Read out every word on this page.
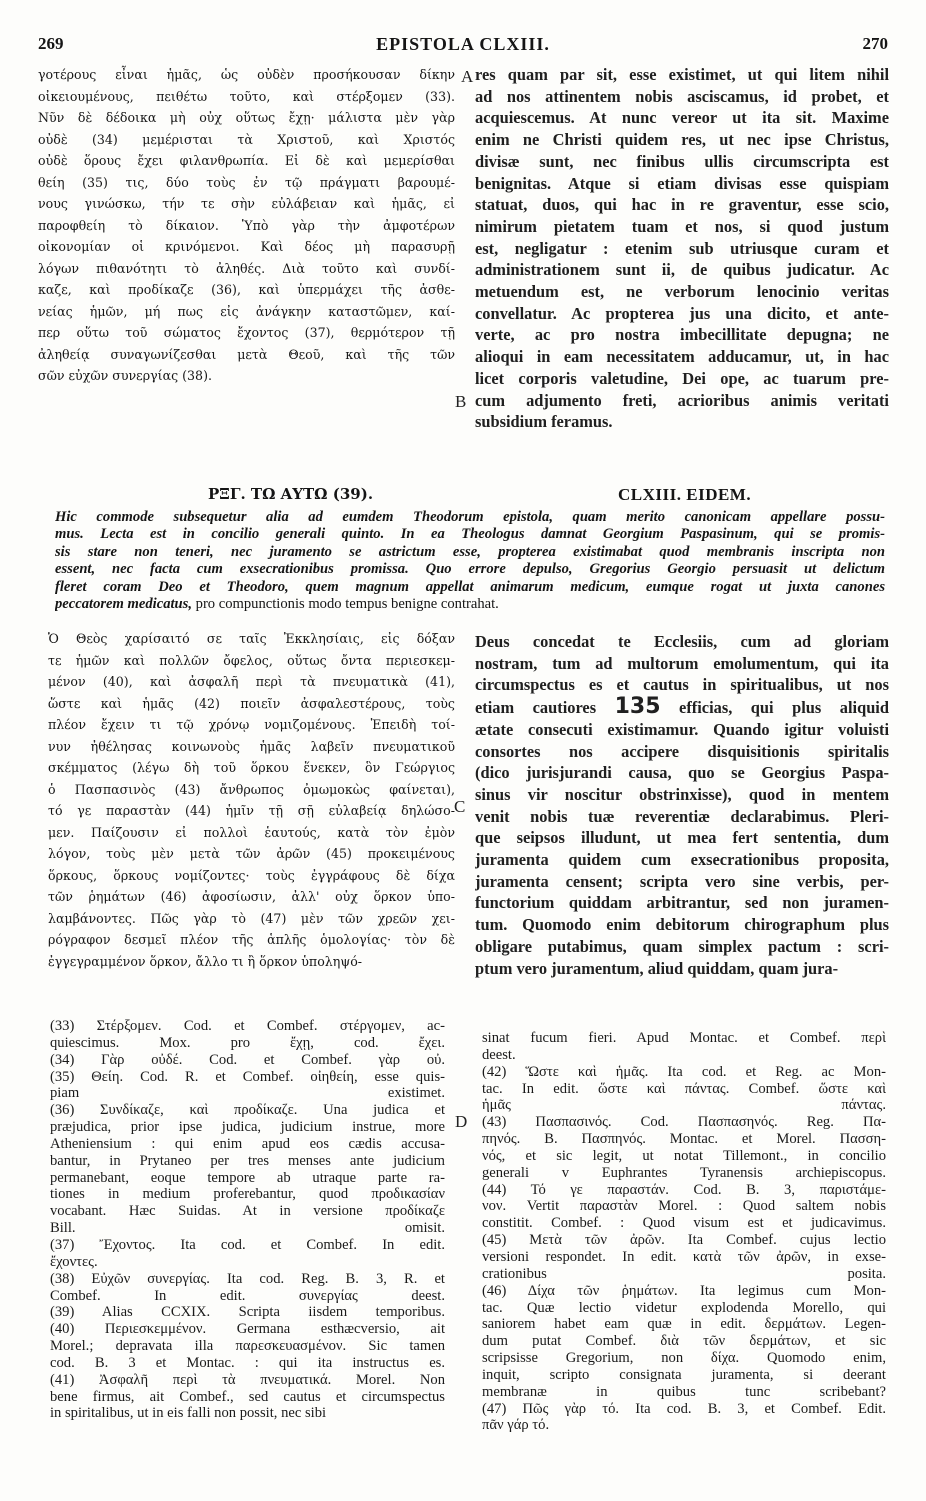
269	EPISTOLA CLXIII.	270
γοτέρους εἶναι ἡμᾶς, ὡς οὐδὲν προσήκουσαν δίκην
οἰκειουμένους, πειθέτω τοῦτο, καὶ στέρξομεν (33).
Νῦν δὲ δέδοικα μὴ οὐχ οὕτως ἔχῃ· μάλιστα μὲν γὰρ
οὐδὲ (34) μεμέρισται τὰ Χριστοῦ, καὶ Χριστός
οὐδὲ ὅρους ἔχει φιλανθρωπία. Εἰ δὲ καὶ μεμερίσθαι
θείη (35) τις, δύο τοὺς ἐν τῷ πράγματι βαρουμέ-
νους γινώσκω, τήν τε σὴν εὐλάβειαν καὶ ἡμᾶς, εἰ
παροφθείη τὸ δίκαιον. Ὑπὸ γὰρ τὴν ἀμφοτέρων
οἰκονομίαν οἱ κρινόμενοι. Καὶ δέος μὴ παρασυρῇ
λόγων πιθανότητι τὸ ἀληθές. Διὰ τοῦτο καὶ συνδί-
καζε, καὶ προδίκαζε (36), καὶ ὑπερμάχει τῆς ἀσθε-
νείας ἡμῶν, μή πως εἰς ἀνάγκην καταστῶμεν, καί-
περ οὕτω τοῦ σώματος ἔχοντος (37), θερμότερον τῇ
ἀληθείᾳ συναγωνίζεσθαι μετὰ Θεοῦ, καὶ τῆς τῶν
σῶν εὐχῶν συνεργίας (38).
A res quam par sit, esse existimet, ut qui litem nihil
ad nos attinentem nobis asciscamus, id probet, et
acquiescemus. At nunc vereor ut ita sit. Maxime
enim ne Christi quidem res, ut nec ipse Christus,
divisæ sunt, nec finibus ullis circumscripta est
benignitas. Atque si etiam divisas esse quispiam
statuat, duos, qui hac in re graventur, esse scio,
nimirum pietatem tuam et nos, si quod justum
est, negligatur : etenim sub utriusque curam et
administrationem sunt ii, de quibus judicatur. Ac
metuendum est, ne verborum lenocinio veritas
convellatur. Ac propterea jus una dicito, et ante-
verte, ac pro nostra imbecillitate depugna; ne
alioqui in eam necessitatem adducamur, ut, in hac
licet corporis valetudine, Dei ope, ac tuarum pre-
cum adjumento freti, acrioribus animis veritati
subsidium feramus.
B
ΡΞΓ. ΤΩ ΑΥΤΩ (39).	CLXIII. EIDEM.
Hic commode subsequetur alia ad eumdem Theodorum epistola, quam merito canonicam appellare possu-
mus. Lecta est in concilio generali quinto. In ea Theologus damnat Georgium Paspasinum, qui se promis-
sis stare non teneri, nec juramento se astrictum esse, propterea existimabat quod membranis inscripta non
essent, nec facta cum exsecrationibus promissa. Quo errore depulso, Gregorius Georgio persuasit ut delictum
fleret coram Deo et Theodoro, quem magnum appellat animarum medicum, eumque rogat ut juxta canones
peccatorem medicatus, pro compunctionis modo tempus benigne contrahat.
Ὁ Θεὸς χαρίσαιτό σε ταῖς Ἐκκλησίαις, εἰς δόξαν
τε ἡμῶν καὶ πολλῶν ὄφελος, οὕτως ὄντα περιεσκεμ-
μένον (40), καὶ ἀσφαλῆ περὶ τὰ πνευματικὰ (41),
ὥστε καὶ ἡμᾶς (42) ποιεῖν ἀσφαλεστέρους, τοὺς
πλέον ἔχειν τι τῷ χρόνῳ νομιζομένους. Ἐπειδὴ τοί-
νυν ἠθέλησας κοινωνοὺς ἡμᾶς λαβεῖν πνευματικοῦ
σκέμματος (λέγω δὴ τοῦ ὅρκου ἕνεκεν, ὃν Γεώργιος
ὁ Πασπασινὸς (43) ἄνθρωπος ὀμωμοκὼς φαίνεται),
τό γε παραστὰν (44) ἡμῖν τῇ σῇ εὐλαβείᾳ δηλώσο-
μεν. Παίζουσιν εἰ πολλοὶ ἑαυτούς, κατὰ τὸν ἐμὸν
λόγον, τοὺς μὲν μετὰ τῶν ἀρῶν (45) προκειμένους
ὅρκους, ὅρκους νομίζοντες· τοὺς ἐγγράφους δὲ δίχα
τῶν ῥημάτων (46) ἀφοσίωσιν, ἀλλ' οὐχ ὅρκον ὑπο-
λαμβάνοντες. Πῶς γὰρ τὸ (47) μὲν τῶν χρεῶν χει-
ρόγραφον δεσμεῖ πλέον τῆς ἁπλῆς ὁμολογίας· τὸν δὲ
ἐγγεγραμμένον ὅρκον, ἄλλο τι ἢ ὅρκον ὑποληψό-
C
Deus concedat te Ecclesiis, cum ad gloriam
nostram, tum ad multorum emolumentum, qui ita
circumspectus es et cautus in spiritualibus, ut nos
etiam cautiores 135 efficias, qui plus aliquid
ætate consecuti existimamur. Quando igitur voluisti
consortes nos accipere disquisitionis spiritalis
(dico jurisjurandi causa, quo se Georgius Paspa-
sinus vir noscitur obstrinxisse), quod in mentem
venit nobis tuæ reverentiæ declarabimus. Pleri-
que seipsos illudunt, ut mea fert sententia, dum
juramenta quidem cum exsecrationibus proposita,
juramenta censent; scripta vero sine verbis, per-
functorium quiddam arbitrantur, sed non juramen-
tum. Quomodo enim debitorum chirographum plus
obligare putabimus, quam simplex pactum : scri-
ptum vero juramentum, aliud quiddam, quam jura-
(33) Στέρξομεν. Cod. et Combef. στέργομεν, ac-
quiescimus. Mox. pro ἔχῃ, cod. ἔχει.
(34) Γὰρ οὐδέ. Cod. et Combef. γὰρ οὐ.
(35) Θείη. Cod. R. et Combef. οἰηθείη, esse quis-
piam existimet.
(36) Συνδίκαζε, καὶ προδίκαζε. Una judica et
præjudica, prior ipse judica, judicium instrue, more
Atheniensium : qui enim apud eos cædis accusa-
bantur, in Prytaneo per tres menses ante judicium
permanebant, eoque tempore ab utraque parte ra-
tiones in medium proferebantur, quod προδικασίαν
vocabant. Hæc Suidas. At in versione προδίκαζε
Bill. omisit.
(37) Ἔχοντος. Ita cod. et Combef. In edit.
ἔχοντες.
(38) Εὐχῶν συνεργίας. Ita cod. Reg. B. 3, R. et
Combef. In edit. συνεργίας deest.
(39) Alias CCXIX. Scripta iisdem temporibus.
(40) Περιεσκεμμένον. Germana esthæcversio, ait
Morel.; depravata illa παρεσκευασμένον. Sic tamen
cod. B. 3 et Montac. : qui ita instructus es.
(41) Ἀσφαλῆ περὶ τὰ πνευματικά. Morel. Non
bene firmus, ait Combef., sed cautus et circumspectus
in spiritalibus, ut in eis falli non possit, nec sibi
D
sinat fucum fieri. Apud Montac. et Combef. περὶ
deest.
(42) Ὥστε καὶ ἡμᾶς. Ita cod. et Reg. ac Mon-
tac. In edit. ὥστε καὶ πάντας. Combef. ὥστε καὶ
ἡμᾶς πάντας.
(43) Πασπασινός. Cod. Πασπασηνός. Reg. Πα-
πηνός. B. Πασπηνός. Montac. et Morel. Πασση-
νός, et sic legit, ut notat Tillemont., in concilio
generali v Euphrantes Tyranensis archiepiscopus.
(44) Τό γε παραστάν. Cod. B. 3, παριστάμε-
νον. Vertit παραστὰν Morel. : Quod saltem nobis
constitit. Combef. : Quod visum est et judicavimus.
(45) Μετὰ τῶν ἀρῶν. Ita Combef. cujus lectio
versioni respondet. In edit. κατὰ τῶν ἀρῶν, in exse-
crationibus posita.
(46) Δίχα τῶν ῥημάτων. Ita legimus cum Mon-
tac. Quæ lectio videtur explodenda Morello, qui
saniorem habet eam quæ in edit. δερμάτων. Legen-
dum putat Combef. διὰ τῶν δερμάτων, et sic
scripsisse Gregorium, non δίχα. Quomodo enim,
inquit, scripto consignata juramenta, si deerant
membranæ in quibus tunc scribebant?
(47) Πῶς γὰρ τό. Ita cod. B. 3, et Combef. Edit.
πᾶν γάρ τό.
